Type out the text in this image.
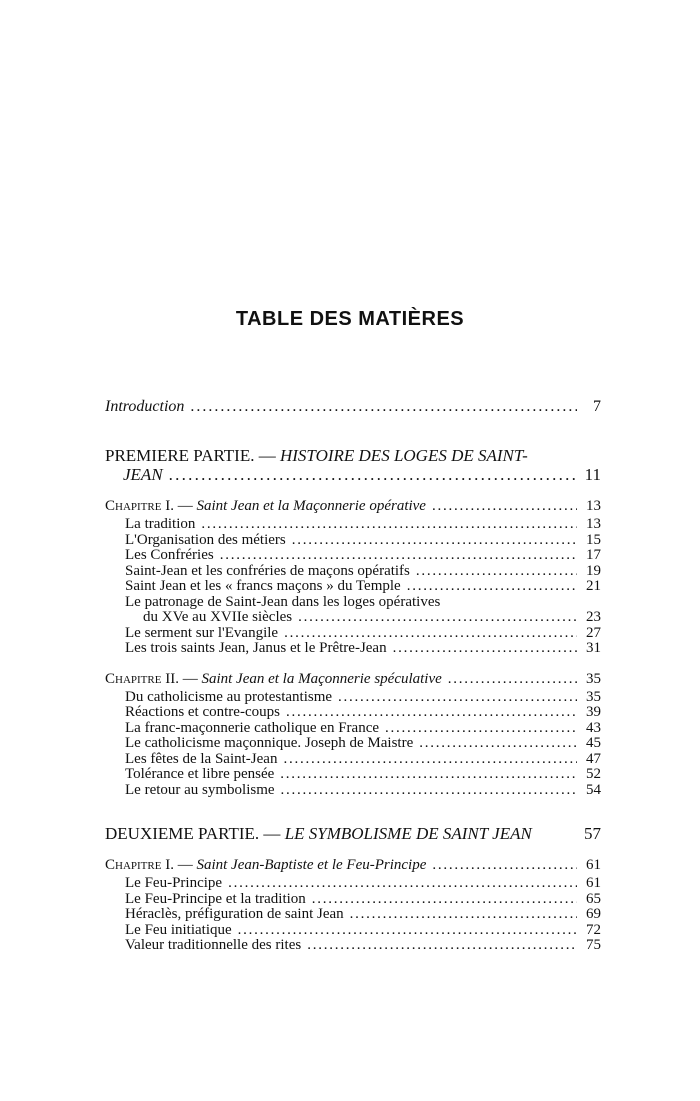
TABLE DES MATIÈRES
Introduction . . .	7
PREMIERE PARTIE. — HISTOIRE DES LOGES DE SAINT-
JEAN . . .	11
Chapitre I. — Saint Jean et la Maçonnerie opérative . . .	13
La tradition . . .	13
L'Organisation des métiers . . .	15
Les Confréries . . .	17
Saint-Jean et les confréries de maçons opératifs . . .	19
Saint Jean et les « francs maçons » du Temple . . .	21
Le patronage de Saint-Jean dans les loges opératives
du XVe au XVIIe siècles . . .	23
Le serment sur l'Evangile . . .	27
Les trois saints Jean, Janus et le Prêtre-Jean . . .	31
Chapitre II. — Saint Jean et la Maçonnerie spéculative . . .	35
Du catholicisme au protestantisme . . .	35
Réactions et contre-coups . . .	39
La franc-maçonnerie catholique en France . . .	43
Le catholicisme maçonnique. Joseph de Maistre . . .	45
Les fêtes de la Saint-Jean . . .	47
Tolérance et libre pensée . . .	52
Le retour au symbolisme . . .	54
DEUXIEME PARTIE. — LE SYMBOLISME DE SAINT JEAN	57
Chapitre I. — Saint Jean-Baptiste et le Feu-Principe . . .	61
Le Feu-Principe . . .	61
Le Feu-Principe et la tradition . . .	65
Héraclès, préfiguration de saint Jean . . .	69
Le Feu initiatique . . .	72
Valeur traditionnelle des rites . . .	75
